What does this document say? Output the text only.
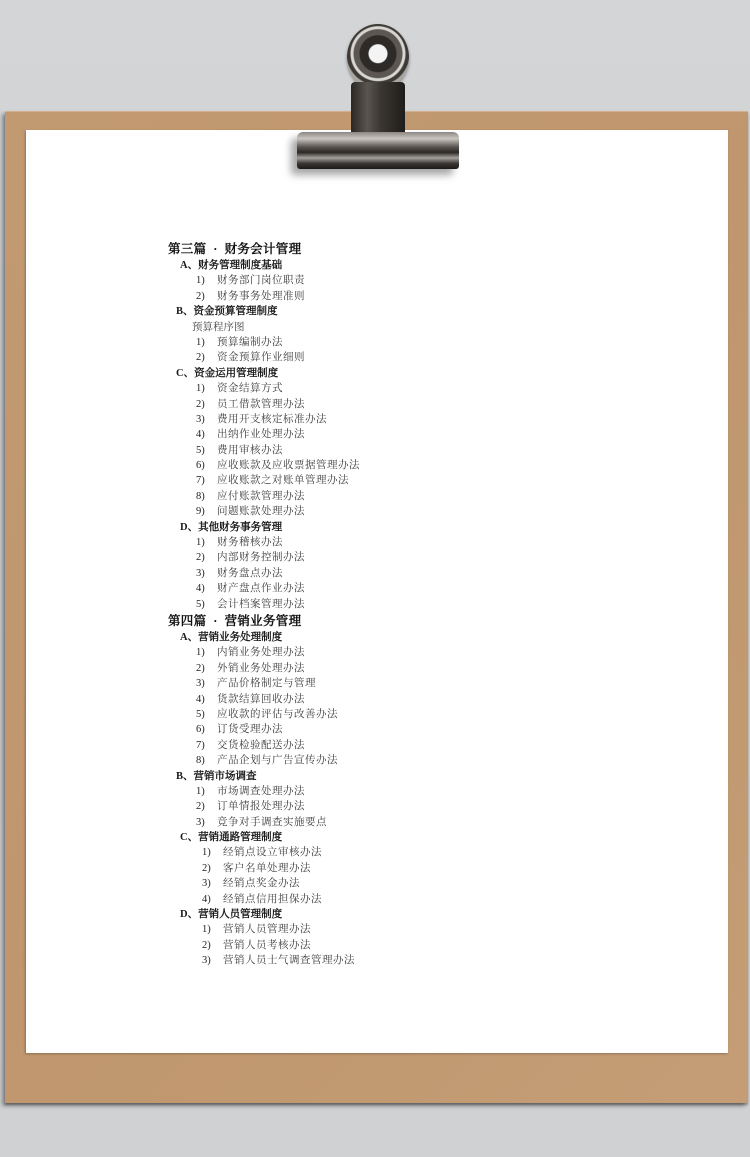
第三篇  ·  财务会计管理
A、财务管理制度基础
1)	财务部门岗位职责
2)	财务事务处理准则
B、资金预算管理制度
预算程序图
1)	预算编制办法
2)	资金预算作业细则
C、资金运用管理制度
1)	资金结算方式
2)	员工借款管理办法
3)	费用开支核定标准办法
4)	出纳作业处理办法
5)	费用审核办法
6)	应收账款及应收票据管理办法
7)	应收账款之对账单管理办法
8)	应付账款管理办法
9)	问题账款处理办法
D、其他财务事务管理
1)	财务稽核办法
2)	内部财务控制办法
3)	财务盘点办法
4)	财产盘点作业办法
5)	会计档案管理办法
第四篇  ·  营销业务管理
A、营销业务处理制度
1)	内销业务处理办法
2)	外销业务处理办法
3)	产品价格制定与管理
4)	货款结算回收办法
5)	应收款的评估与改善办法
6)	订货受理办法
7)	交货检验配送办法
8)	产品企划与广告宣传办法
B、营销市场调查
1)	市场调查处理办法
2)	订单情报处理办法
3)	竞争对手调查实施要点
C、营销通路管理制度
1)	经销点设立审核办法
2)	客户名单处理办法
3)	经销点奖金办法
4)	经销点信用担保办法
D、营销人员管理制度
1)	营销人员管理办法
2)	营销人员考核办法
3)	营销人员士气调查管理办法
